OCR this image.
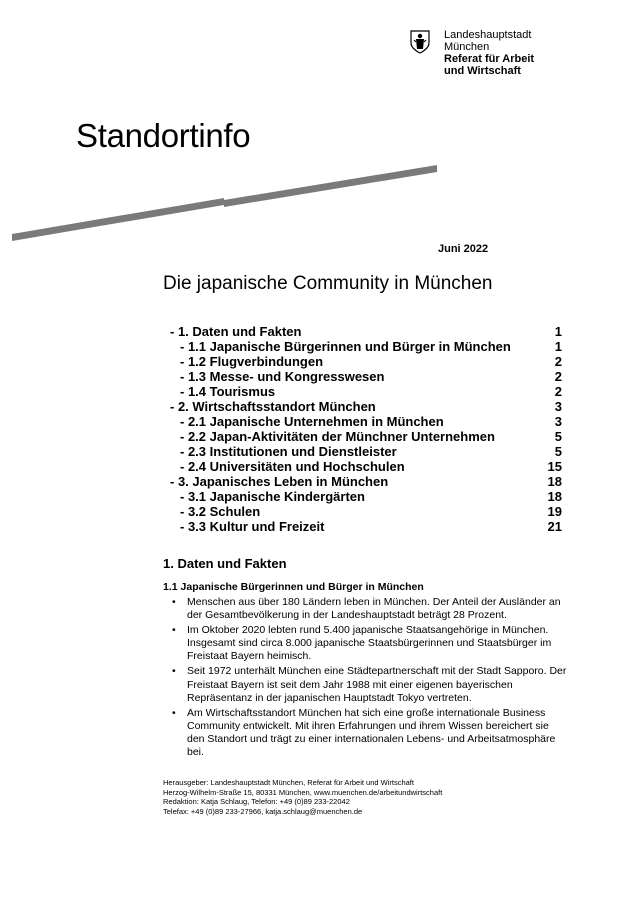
Landeshauptstadt
München
Referat für Arbeit
und Wirtschaft
Standortinfo
Juni 2022
Die japanische Community in München
- 1. Daten und Fakten	1
- 1.1 Japanische Bürgerinnen und Bürger in München	1
- 1.2 Flugverbindungen	2
- 1.3 Messe- und Kongresswesen	2
- 1.4 Tourismus	2
- 2. Wirtschaftsstandort München	3
- 2.1 Japanische Unternehmen in München	3
- 2.2 Japan-Aktivitäten der Münchner Unternehmen	5
- 2.3 Institutionen und Dienstleister	5
- 2.4 Universitäten und Hochschulen	15
- 3. Japanisches Leben in München	18
- 3.1 Japanische Kindergärten	18
- 3.2 Schulen	19
- 3.3 Kultur und Freizeit	21
1. Daten und Fakten
1.1 Japanische Bürgerinnen und Bürger in München
• Menschen aus über 180 Ländern leben in München. Der Anteil der Ausländer an der Gesamtbevölkerung in der Landeshauptstadt beträgt 28 Prozent.
• Im Oktober 2020 lebten rund 5.400 japanische Staatsangehörige in München. Insgesamt sind circa 8.000 japanische Staatsbürgerinnen und Staatsbürger im Freistaat Bayern heimisch.
• Seit 1972 unterhält München eine Städtepartnerschaft mit der Stadt Sapporo. Der Freistaat Bayern ist seit dem Jahr 1988 mit einer eigenen bayerischen Repräsentanz in der japanischen Hauptstadt Tokyo vertreten.
• Am Wirtschaftsstandort München hat sich eine große internationale Business Community entwickelt. Mit ihren Erfahrungen und ihrem Wissen bereichert sie den Standort und trägt zu einer internationalen Lebens- und Arbeitsatmosphäre bei.
Herausgeber: Landeshauptstadt München, Referat für Arbeit und Wirtschaft
Herzog-Wilhelm-Straße 15, 80331 München, www.muenchen.de/arbeitundwirtschaft
Redaktion: Katja Schlaug, Telefon: +49 (0)89 233-22042
Telefax: +49 (0)89 233-27966, katja.schlaug@muenchen.de
